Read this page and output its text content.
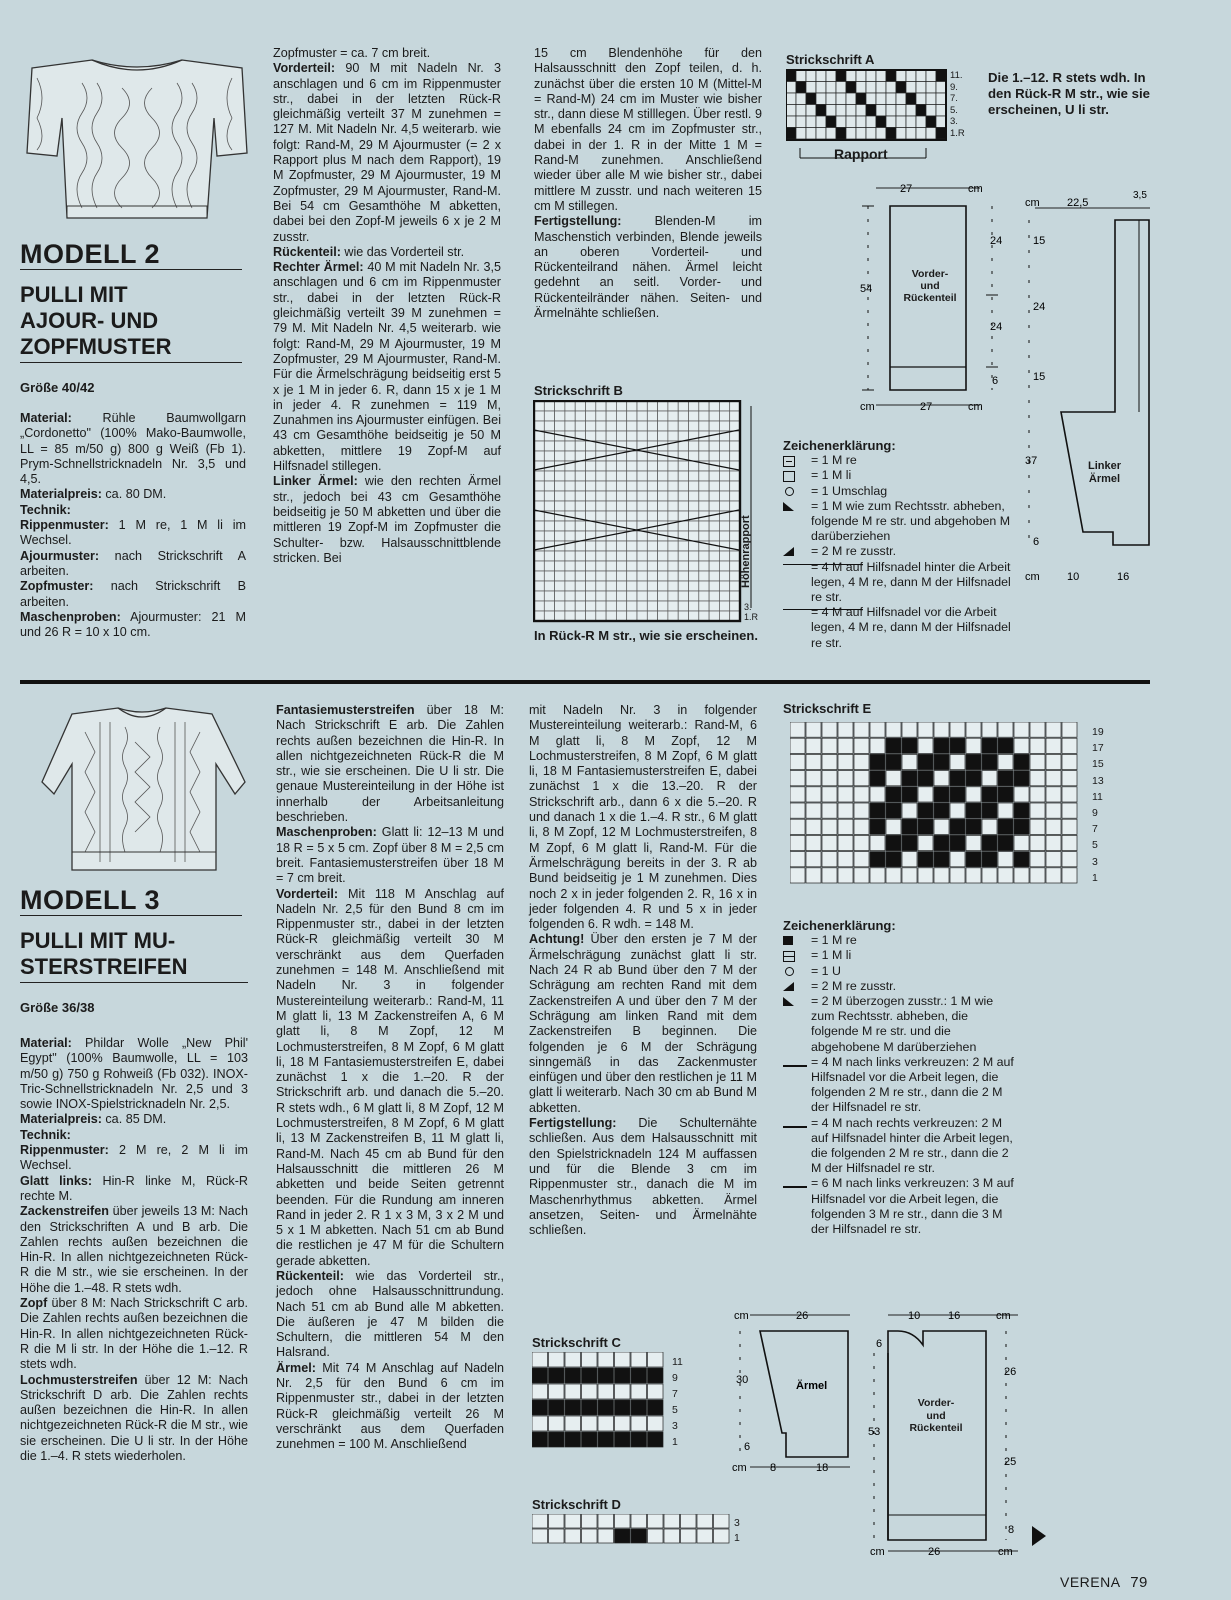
MODELL 2
PULLI MIT
AJOUR- UND
ZOPFMUSTER
Größe 40/42
Material: Rühle Baumwollgarn „Cordonetto" (100% Mako-Baumwolle, LL = 85 m/50 g) 800 g Weiß (Fb 1). Prym-Schnellstricknadeln Nr. 3,5 und 4,5.
Materialpreis: ca. 80 DM.
Technik:
Rippenmuster: 1 M re, 1 M li im Wechsel.
Ajourmuster: nach Strickschrift A arbeiten.
Zopfmuster: nach Strickschrift B arbeiten.
Maschenproben: Ajourmuster: 21 M und 26 R = 10 x 10 cm.
Zopfmuster = ca. 7 cm breit.
Vorderteil: 90 M mit Nadeln Nr. 3 anschlagen und 6 cm im Rippenmuster str., dabei in der letzten Rück-R gleichmäßig verteilt 37 M zunehmen = 127 M. Mit Nadeln Nr. 4,5 weiterarb. wie folgt: Rand-M, 29 M Ajourmuster (= 2 x Rapport plus M nach dem Rapport), 19 M Zopfmuster, 29 M Ajourmuster, 19 M Zopfmuster, 29 M Ajourmuster, Rand-M. Bei 54 cm Gesamthöhe M abketten, dabei bei den Zopf-M jeweils 6 x je 2 M zusstr.
Rückenteil: wie das Vorderteil str.
Rechter Ärmel: 40 M mit Nadeln Nr. 3,5 anschlagen und 6 cm im Rippenmuster str., dabei in der letzten Rück-R gleichmäßig verteilt 39 M zunehmen = 79 M. Mit Nadeln Nr. 4,5 weiterarb. wie folgt: Rand-M, 29 M Ajourmuster, 19 M Zopfmuster, 29 M Ajourmuster, Rand-M. Für die Ärmelschrägung beidseitig erst 5 x je 1 M in jeder 6. R, dann 15 x je 1 M in jeder 4. R zunehmen = 119 M, Zunahmen ins Ajourmuster einfügen. Bei 43 cm Gesamthöhe beidseitig je 50 M abketten, mittlere 19 Zopf-M auf Hilfsnadel stillegen.
Linker Ärmel: wie den rechten Ärmel str., jedoch bei 43 cm Gesamthöhe beidseitig je 50 M abketten und über die mittleren 19 Zopf-M im Zopfmuster die Schulter- bzw. Halsausschnittblende stricken. Bei
15 cm Blendenhöhe für den Halsausschnitt den Zopf teilen, d. h. zunächst über die ersten 10 M (Mittel-M = Rand-M) 24 cm im Muster wie bisher str., dann diese M stilllegen. Über restl. 9 M ebenfalls 24 cm im Zopfmuster str., dabei in der 1. R in der Mitte 1 M = Rand-M zunehmen. Anschließend wieder über alle M wie bisher str., dabei mittlere M zusstr. und nach weiteren 15 cm M stillegen.
Fertigstellung: Blenden-M im Maschenstich verbinden, Blende jeweils an oberen Vorderteil- und Rückenteilrand nähen. Ärmel leicht gedehnt an seitl. Vorder- und Rückenteilränder nähen. Seiten- und Ärmelnähte schließen.
Strickschrift A
Rapport
11.
9.
7.
5.
3.
1.R
Die 1.–12. R stets wdh. In den Rück-R M str., wie sie erscheinen, U li str.
27	cm
54
24
24
6
cm	27	cm
Vorder-
und
Rückenteil
cm 22,5
3,5
15
24
15
37
6
cm 10	16
Linker
Ärmel
Strickschrift B
Höhenrapport
3.
1.R
In Rück-R M str., wie sie erscheinen.
Zeichenerklärung:
= 1 M re
= 1 M li
= 1 Umschlag
= 1 M wie zum Rechtsstr. abheben, folgende M re str. und abgehoben M darüberziehen
= 2 M re zusstr.
= 4 M auf Hilfsnadel hinter die Arbeit legen, 4 M re, dann M der Hilfsnadel re str.
= 4 M auf Hilfsnadel vor die Arbeit legen, 4 M re, dann M der Hilfsnadel re str.
MODELL 3
PULLI MIT MU-
STERSTREIFEN
Größe 36/38
Material: Phildar Wolle „New Phil' Egypt" (100% Baumwolle, LL = 103 m/50 g) 750 g Rohweiß (Fb 032). INOX-Tric-Schnellstricknadeln Nr. 2,5 und 3 sowie INOX-Spielstricknadeln Nr. 2,5.
Materialpreis: ca. 85 DM.
Technik:
Rippenmuster: 2 M re, 2 M li im Wechsel.
Glatt links: Hin-R linke M, Rück-R rechte M.
Zackenstreifen über jeweils 13 M: Nach den Strickschriften A und B arb. Die Zahlen rechts außen bezeichnen die Hin-R. In allen nichtgezeichneten Rück-R die M str., wie sie erscheinen. In der Höhe die 1.–48. R stets wdh.
Zopf über 8 M: Nach Strickschrift C arb. Die Zahlen rechts außen bezeichnen die Hin-R. In allen nichtgezeichneten Rück-R die M li str. In der Höhe die 1.–12. R stets wdh.
Lochmusterstreifen über 12 M: Nach Strickschrift D arb. Die Zahlen rechts außen bezeichnen die Hin-R. In allen nichtgezeichneten Rück-R die M str., wie sie erscheinen. Die U li str. In der Höhe die 1.–4. R stets wiederholen.
Fantasiemusterstreifen über 18 M: Nach Strickschrift E arb. Die Zahlen rechts außen bezeichnen die Hin-R. In allen nichtgezeichneten Rück-R die M str., wie sie erscheinen. Die U li str. Die genaue Mustereinteilung in der Höhe ist innerhalb der Arbeitsanleitung beschrieben.
Maschenproben: Glatt li: 12–13 M und 18 R = 5 x 5 cm. Zopf über 8 M = 2,5 cm breit. Fantasiemusterstreifen über 18 M = 7 cm breit.
Vorderteil: Mit 118 M Anschlag auf Nadeln Nr. 2,5 für den Bund 8 cm im Rippenmuster str., dabei in der letzten Rück-R gleichmäßig verteilt 30 M verschränkt aus dem Querfaden zunehmen = 148 M. Anschließend mit Nadeln Nr. 3 in folgender Mustereinteilung weiterarb.: Rand-M, 11 M glatt li, 13 M Zackenstreifen A, 6 M glatt li, 8 M Zopf, 12 M Lochmusterstreifen, 8 M Zopf, 6 M glatt li, 18 M Fantasiemusterstreifen E, dabei zunächst 1 x die 1.–20. R der Strickschrift arb. und danach die 5.–20. R stets wdh., 6 M glatt li, 8 M Zopf, 12 M Lochmusterstreifen, 8 M Zopf, 6 M glatt li, 13 M Zackenstreifen B, 11 M glatt li, Rand-M. Nach 45 cm ab Bund für den Halsausschnitt die mittleren 26 M abketten und beide Seiten getrennt beenden. Für die Rundung am inneren Rand in jeder 2. R 1 x 3 M, 3 x 2 M und 5 x 1 M abketten. Nach 51 cm ab Bund die restlichen je 47 M für die Schultern gerade abketten.
Rückenteil: wie das Vorderteil str., jedoch ohne Halsausschnittrundung. Nach 51 cm ab Bund alle M abketten. Die äußeren je 47 M bilden die Schultern, die mittleren 54 M den Halsrand.
Ärmel: Mit 74 M Anschlag auf Nadeln Nr. 2,5 für den Bund 6 cm im Rippenmuster str., dabei in der letzten Rück-R gleichmäßig verteilt 26 M verschränkt aus dem Querfaden zunehmen = 100 M. Anschließend
mit Nadeln Nr. 3 in folgender Mustereinteilung weiterarb.: Rand-M, 6 M glatt li, 8 M Zopf, 12 M Lochmusterstreifen, 8 M Zopf, 6 M glatt li, 18 M Fantasiemusterstreifen E, dabei zunächst 1 x die 13.–20. R der Strickschrift arb., dann 6 x die 5.–20. R und danach 1 x die 1.–4. R str., 6 M glatt li, 8 M Zopf, 12 M Lochmusterstreifen, 8 M Zopf, 6 M glatt li, Rand-M. Für die Ärmelschrägung bereits in der 3. R ab Bund beidseitig je 1 M zunehmen. Dies noch 2 x in jeder folgenden 2. R, 16 x in jeder folgenden 4. R und 5 x in jeder folgenden 6. R wdh. = 148 M.
Achtung! Über den ersten je 7 M der Ärmelschrägung zunächst glatt li str. Nach 24 R ab Bund über den 7 M der Schrägung am rechten Rand mit dem Zackenstreifen A und über den 7 M der Schrägung am linken Rand mit dem Zackenstreifen B beginnen. Die folgenden je 6 M der Schrägung sinngemäß in das Zackenmuster einfügen und über den restlichen je 11 M glatt li weiterarb. Nach 30 cm ab Bund M abketten.
Fertigstellung: Die Schulternähte schließen. Aus dem Halsausschnitt mit den Spielstricknadeln 124 M auffassen und für die Blende 3 cm im Rippenmuster str., danach die M im Maschenrhythmus abketten. Ärmel ansetzen, Seiten- und Ärmelnähte schließen.
Strickschrift E
19
17
15
13
11
9
7
5
3
1
Zeichenerklärung:
= 1 M re
= 1 M li
= 1 U
= 2 M re zusstr.
= 2 M überzogen zusstr.: 1 M wie zum Rechtsstr. abheben, die folgende M re str. und die abgehobene M darüberziehen
= 4 M nach links verkreuzen: 2 M auf Hilfsnadel vor die Arbeit legen, die folgenden 2 M re str., dann die 2 M der Hilfsnadel re str.
= 4 M nach rechts verkreuzen: 2 M auf Hilfsnadel hinter die Arbeit legen, die folgenden 2 M re str., dann die 2 M der Hilfsnadel re str.
= 6 M nach links verkreuzen: 3 M auf Hilfsnadel vor die Arbeit legen, die folgenden 3 M re str., dann die 3 M der Hilfsnadel re str.
Strickschrift C
11
9
7
5
3
1
Strickschrift D
3
1
cm	26
30	Ärmel
6
cm 8	18
10	16	cm
6
53
26
25
8
cm	26	cm
Vorder-
und
Rückenteil
VERENA 79
